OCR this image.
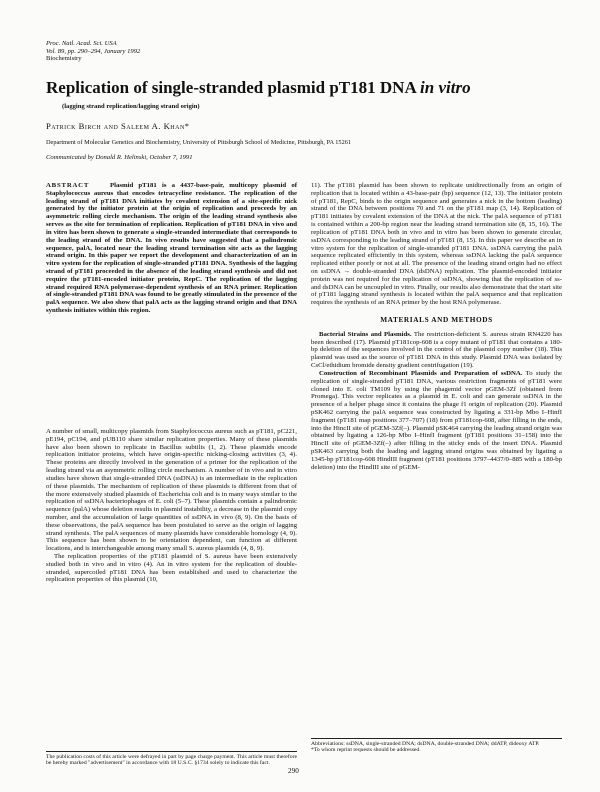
Proc. Natl. Acad. Sci. USA
Vol. 89, pp. 290–294, January 1992
Biochemistry
Replication of single-stranded plasmid pT181 DNA in vitro
(lagging strand replication/lagging strand origin)
Patrick Birch and Saleem A. Khan*
Department of Molecular Genetics and Biochemistry, University of Pittsburgh School of Medicine, Pittsburgh, PA 15261
Communicated by Donald R. Helinski, October 7, 1991

ABSTRACT	Plasmid pT181 is a 4437-base-pair, multicopy plasmid of Staphylococcus aureus that encodes tetracycline resistance. The replication of the leading strand of pT181 DNA initiates by covalent extension of a site-specific nick generated by the initiator protein at the origin of replication and proceeds by an asymmetric rolling circle mechanism. The origin of the leading strand synthesis also serves as the site for termination of replication. Replication of pT181 DNA in vivo and in vitro has been shown to generate a single-stranded intermediate that corresponds to the leading strand of the DNA. In vivo results have suggested that a palindromic sequence, palA, located near the leading strand termination site acts as the lagging strand origin. In this paper we report the development and characterization of an in vitro system for the replication of single-stranded pT181 DNA. Synthesis of the lagging strand of pT181 proceeded in the absence of the leading strand synthesis and did not require the pT181-encoded initiator protein, RepC. The replication of the lagging strand required RNA polymerase-dependent synthesis of an RNA primer. Replication of single-stranded pT181 DNA was found to be greatly stimulated in the presence of the palA sequence. We also show that palA acts as the lagging strand origin and that DNA synthesis initiates within this region.

A number of small, multicopy plasmids from Staphylococcus aureus such as pT181, pC221, pE194, pC194, and pUB110 share similar replication properties. Many of these plasmids have also been shown to replicate in Bacillus subtilis (1, 2). These plasmids encode replication initiator proteins, which have origin-specific nicking-closing activities (3, 4). These proteins are directly involved in the generation of a primer for the replication of the leading strand via an asymmetric rolling circle mechanism. A number of in vivo and in vitro studies have shown that single-stranded DNA (ssDNA) is an intermediate in the replication of these plasmids. The mechanism of replication of these plasmids is different from that of the more extensively studied plasmids of Escherichia coli and is in many ways similar to the replication of ssDNA bacteriophages of E. coli (5–7). These plasmids contain a palindromic sequence (palA) whose deletion results in plasmid instability, a decrease in the plasmid copy number, and the accumulation of large quantities of ssDNA in vivo (8, 9). On the basis of these observations, the palA sequence has been postulated to serve as the origin of lagging strand synthesis. The palA sequences of many plasmids have considerable homology (4, 9). This sequence has been shown to be orientation dependent, can function at different locations, and is interchangeable among many small S. aureus plasmids (4, 8, 9).

The replication properties of the pT181 plasmid of S. aureus have been extensively studied both in vivo and in vitro (4). An in vitro system for the replication of double-stranded, supercoiled pT181 DNA has been established and used to characterize the replication properties of this plasmid (10,

11). The pT181 plasmid has been shown to replicate unidirectionally from an origin of replication that is located within a 43-base-pair (bp) sequence (12, 13). The initiator protein of pT181, RepC, binds to the origin sequence and generates a nick in the bottom (leading) strand of the DNA between positions 70 and 71 on the pT181 map (3, 14). Replication of pT181 initiates by covalent extension of the DNA at the nick. The palA sequence of pT181 is contained within a 200-bp region near the leading strand termination site (8, 15, 16). The replication of pT181 DNA both in vivo and in vitro has been shown to generate circular, ssDNA corresponding to the leading strand of pT181 (8, 15). In this paper we describe an in vitro system for the replication of single-stranded pT181 DNA. ssDNA carrying the palA sequence replicated efficiently in this system, whereas ssDNA lacking the palA sequence replicated either poorly or not at all. The presence of the leading strand origin had no effect on ssDNA → double-stranded DNA (dsDNA) replication. The plasmid-encoded initiator protein was not required for the replication of ssDNA, showing that the replication of ss- and dsDNA can be uncoupled in vitro. Finally, our results also demonstrate that the start site of pT181 lagging strand synthesis is located within the palA sequence and that replication requires the synthesis of an RNA primer by the host RNA polymerase.

MATERIALS AND METHODS

Bacterial Strains and Plasmids. The restriction-deficient S. aureus strain RN4220 has been described (17). Plasmid pT181cop-608 is a copy mutant of pT181 that contains a 180-bp deletion of the sequences involved in the control of the plasmid copy number (18). This plasmid was used as the source of pT181 DNA in this study. Plasmid DNA was isolated by CsCl/ethidium bromide density gradient centrifugation (19).

Construction of Recombinant Plasmids and Preparation of ssDNA. To study the replication of single-stranded pT181 DNA, various restriction fragments of pT181 were cloned into E. coli TM109 by using the phagemid vector pGEM-3Zf (obtained from Promega). This vector replicates as a plasmid in E. coli and can generate ssDNA in the presence of a helper phage since it contains the phage f1 origin of replication (20). Plasmid pSK462 carrying the palA sequence was constructed by ligating a 331-bp Mbo I–HinfI fragment (pT181 map positions 377–707) (18) from pT181cop-608, after filling in the ends, into the HincII site of pGEM-3Zf(–). Plasmid pSK464 carrying the leading strand origin was obtained by ligating a 126-bp Mbo I–HinfI fragment (pT181 positions 31–158) into the HincII site of pGEM-3Zf(–) after filling in the sticky ends of the insert DNA. Plasmid pSK463 carrying both the leading and lagging strand origins was obtained by ligating a 1345-bp pT181cop-608 HindIII fragment (pT181 positions 3797–4437/0–885 with a 180-bp deletion) into the HindIII site of pGEM-

The publication costs of this article were defrayed in part by page charge payment. This article must therefore be hereby marked "advertisement" in accordance with 18 U.S.C. §1734 solely to indicate this fact.
Abbreviations: ssDNA, single-stranded DNA; dsDNA, double-stranded DNA; ddATP, dideoxy ATP.
*To whom reprint requests should be addressed.
290
